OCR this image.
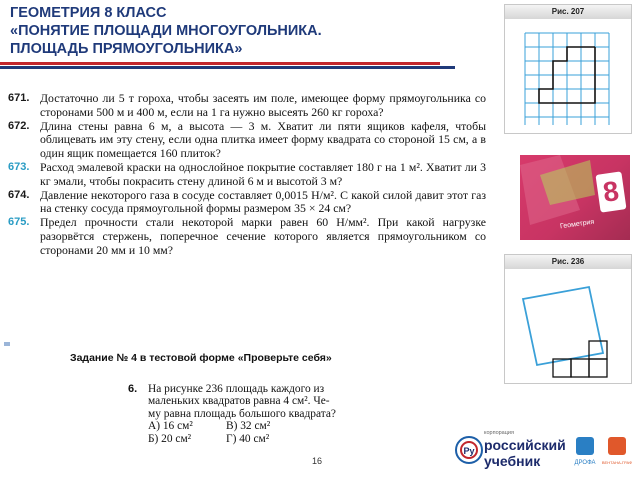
ГЕОМЕТРИЯ 8 КЛАСС
«ПОНЯТИЕ ПЛОЩАДИ МНОГОУГОЛЬНИКА.
ПЛОЩАДЬ ПРЯМОУГОЛЬНИКА»
671. Достаточно ли 5 т гороха, чтобы засеять им поле, имеющее форму прямоугольника со сторонами 500 м и 400 м, если на 1 га нужно высеять 260 кг гороха?
672. Длина стены равна 6 м, а высота — 3 м. Хватит ли пяти ящиков кафеля, чтобы облицевать им эту стену, если одна плитка имеет форму квадрата со стороной 15 см, а в один ящик помещается 160 плиток?
673. Расход эмалевой краски на однослойное покрытие составляет 180 г на 1 м². Хватит ли 3 кг эмали, чтобы покрасить стену длиной 6 м и высотой 3 м?
674. Давление некоторого газа в сосуде составляет 0,0015 Н/м². С какой силой давит этот газ на стенку сосуда прямоугольной формы размером 35 × 24 см?
675. Предел прочности стали некоторой марки равен 60 Н/мм². При какой нагрузке разорвётся стержень, поперечное сечение которого является прямоугольником со сторонами 20 мм и 10 мм?
Рис. 207
8
Геометрия
Рис. 236
Задание № 4 в тестовой форме «Проверьте себя»
6. На рисунке 236 площадь каждого из
маленьких квадратов равна 4 см². Че-
му равна площадь большого квадрата?
А) 16 см²	В) 32 см²
Б) 20 см²	Г) 40 см²
16
Ру
корпорация
российский
учебник	ДРОФА ВЕНТАНА-ГРАФ
